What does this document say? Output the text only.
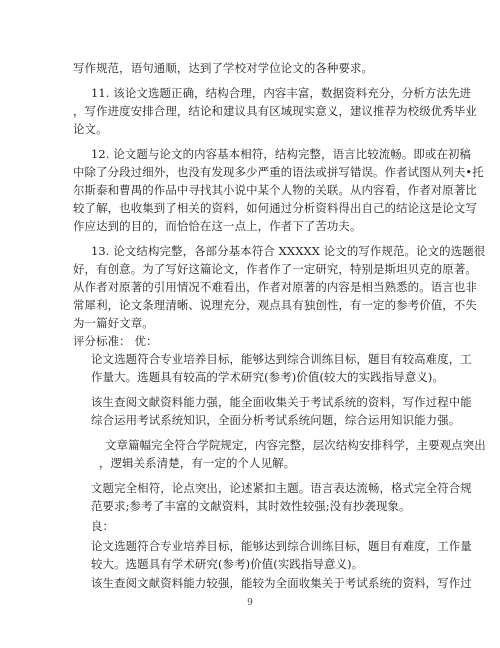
写作规范，语句通顺，达到了学校对学位论文的各种要求。
11. 该论文选题正确，结构合理，内容丰富，数据资料充分，分析方法先进
，写作进度安排合理，结论和建议具有区域现实意义，建议推荐为校级优秀毕业
论文。
12. 论文题与论文的内容基本相符，结构完整，语言比较流畅。即或在初稿
中除了分段过细外，也没有发现多少严重的语法或拼写错误。作者试图从列夫•托
尔斯泰和曹禺的作品中寻找其小说中某个人物的关联。从内容看，作者对原著比
较了解，也收集到了相关的资料，如何通过分析资料得出自己的结论这是论文写
作应达到的目的，而恰恰在这一点上，作者下了苦功夫。
13. 论文结构完整，各部分基本符合 XXXXX 论文的写作规范。论文的选题很
好，有创意。为了写好这篇论文，作者作了一定研究，特别是斯坦贝克的原著。
从作者对原著的引用情况不难看出，作者对原著的内容是相当熟悉的。语言也非
常犀利，论文条理清晰、说理充分，观点具有独创性，有一定的参考价值，不失
为一篇好文章。
评分标准： 优：
论文选题符合专业培养目标，能够达到综合训练目标，题目有较高难度，工
作量大。选题具有较高的学术研究(参考)价值(较大的实践指导意义)。
该生查阅文献资料能力强，能全面收集关于考试系统的资料，写作过程中能
综合运用考试系统知识，全面分析考试系统问题，综合运用知识能力强。
文章篇幅完全符合学院规定，内容完整，层次结构安排科学，主要观点突出
，逻辑关系清楚，有一定的个人见解。
文题完全相符，论点突出，论述紧扣主题。语言表达流畅，格式完全符合规
范要求;参考了丰富的文献资料，其时效性较强;没有抄袭现象。
良：
论文选题符合专业培养目标，能够达到综合训练目标，题目有难度，工作量
较大。选题具有学术研究(参考)价值(实践指导意义)。
该生查阅文献资料能力较强，能较为全面收集关于考试系统的资料，写作过
9
